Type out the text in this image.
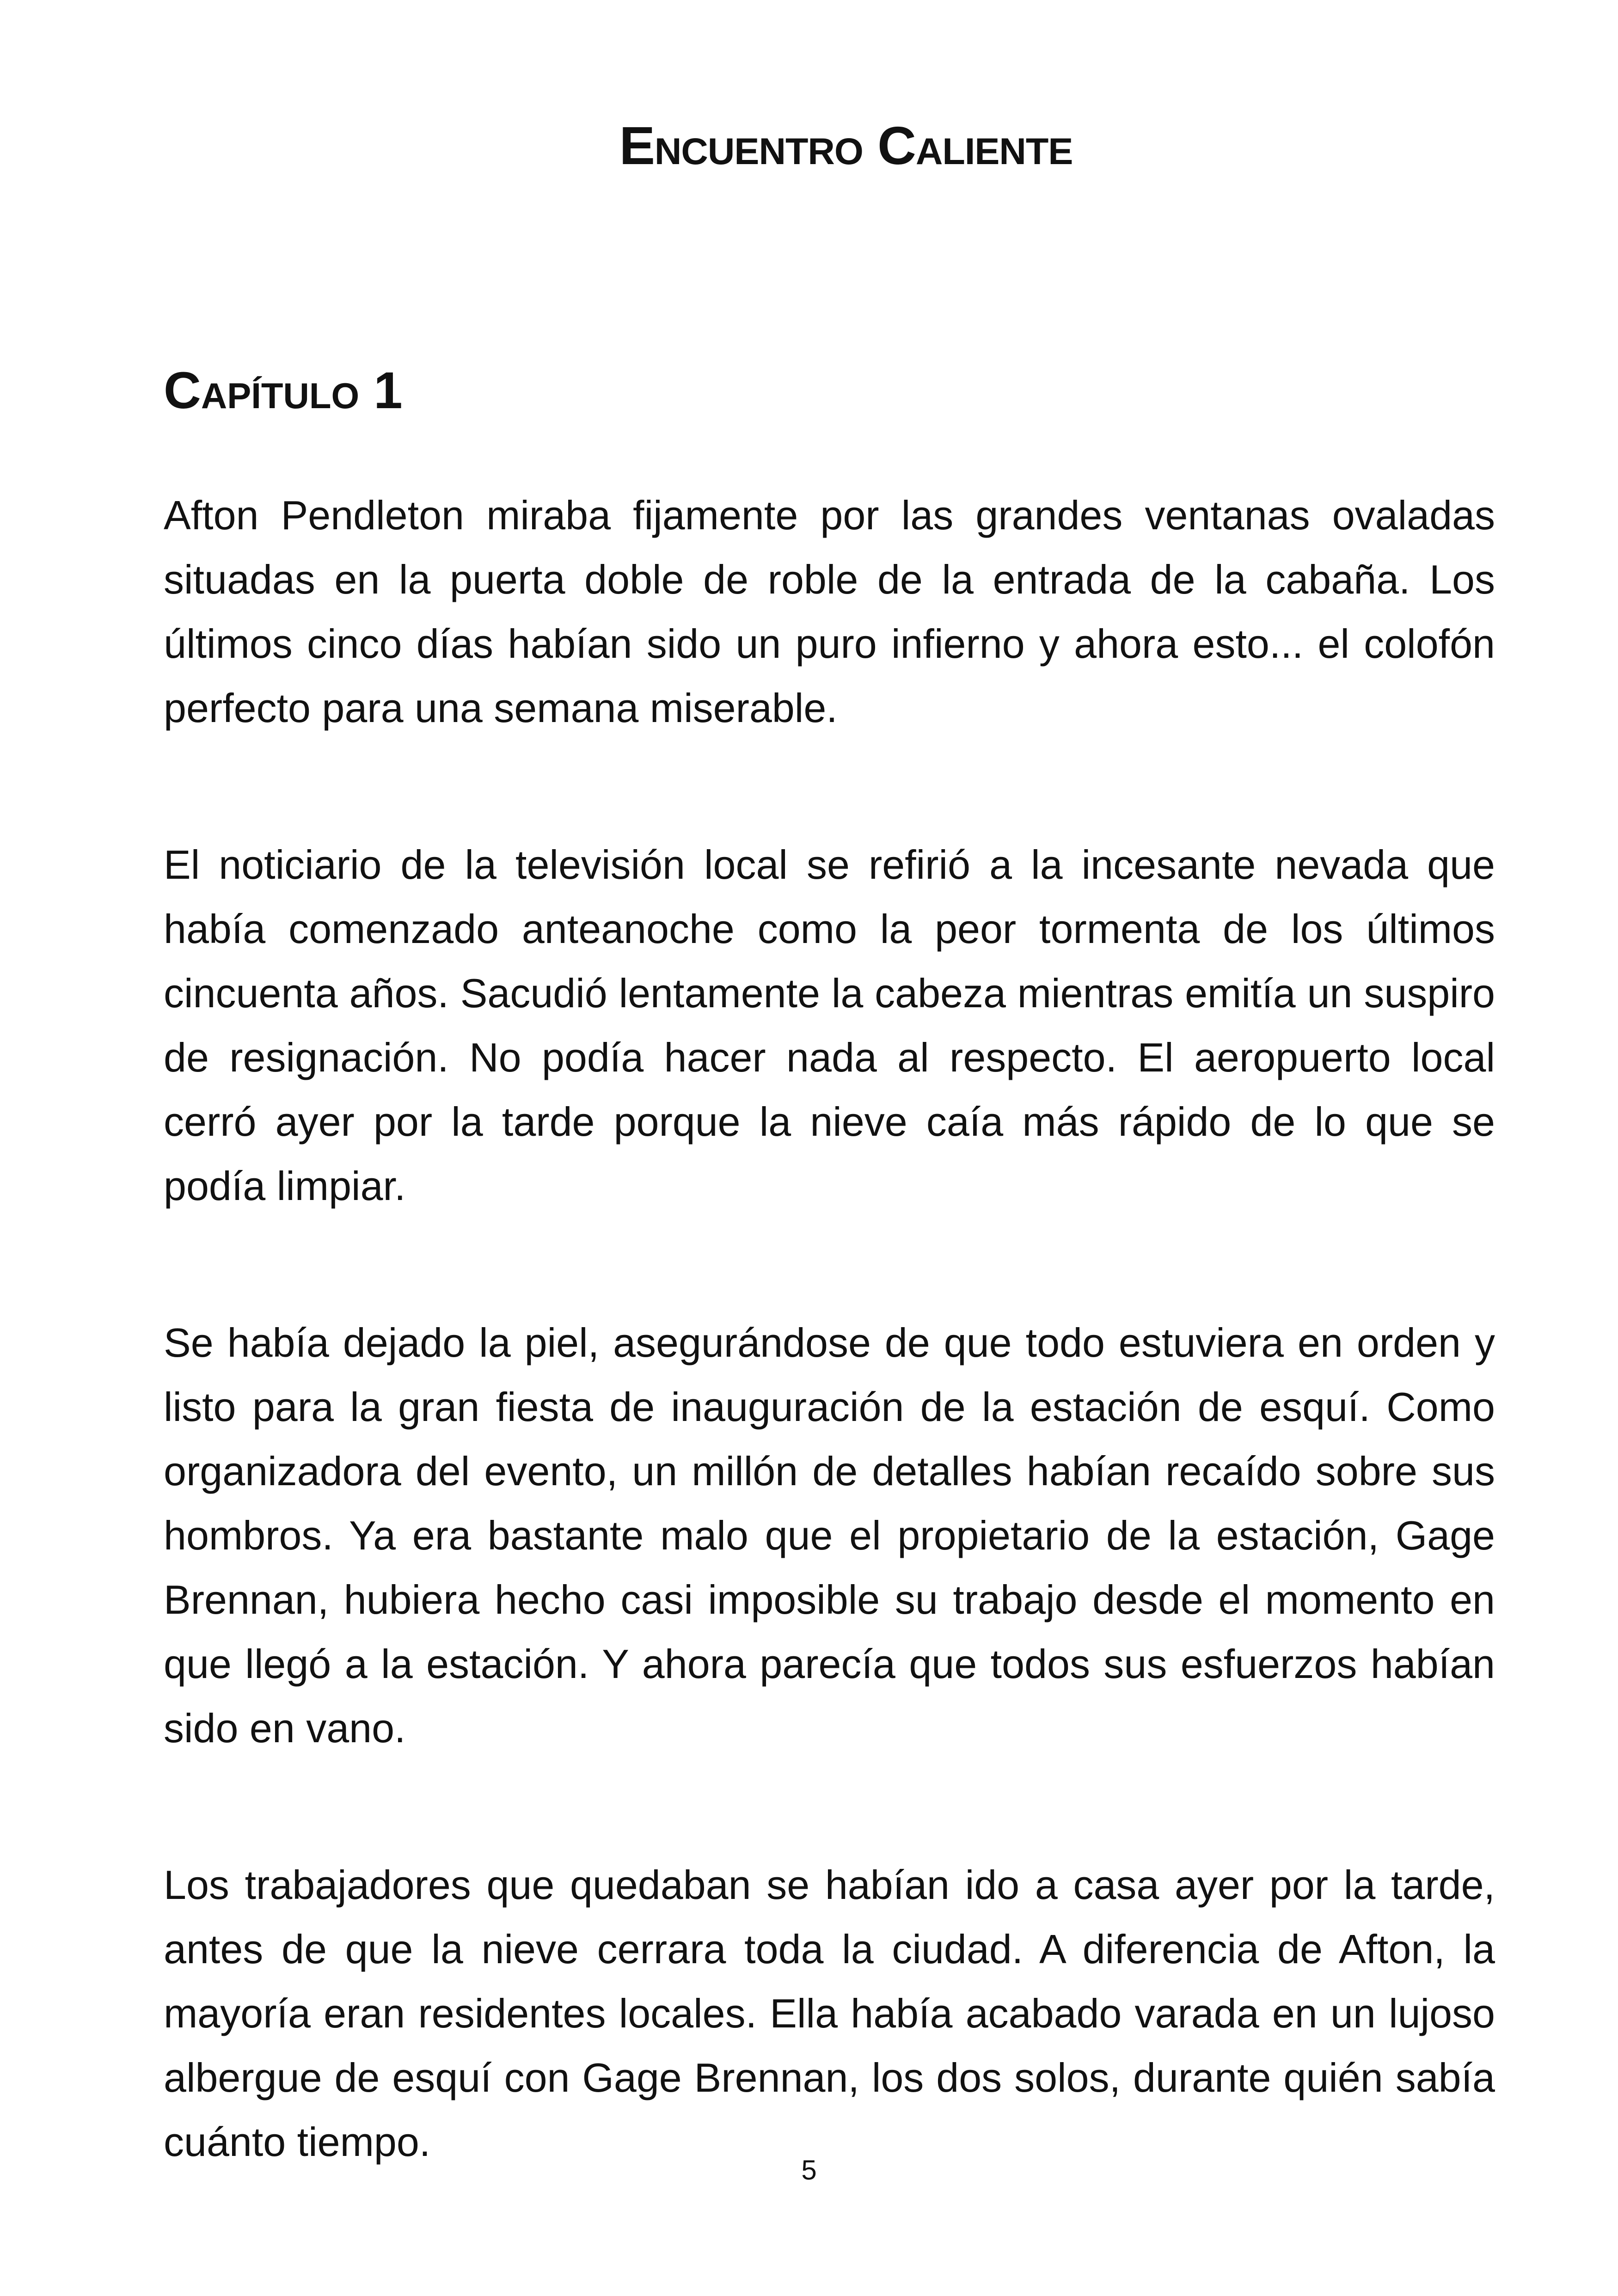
Encuentro Caliente
Capítulo 1

Afton Pendleton miraba fijamente por las grandes ventanas ovaladas situadas en la puerta doble de roble de la entrada de la cabaña. Los últimos cinco días habían sido un puro infierno y ahora esto... el colofón perfecto para una semana miserable.

El noticiario de la televisión local se refirió a la incesante nevada que había comenzado anteanoche como la peor tormenta de los últimos cincuenta años. Sacudió lentamente la cabeza mientras emitía un suspiro de resignación. No podía hacer nada al respecto. El aeropuerto local cerró ayer por la tarde porque la nieve caía más rápido de lo que se podía limpiar.

Se había dejado la piel, asegurándose de que todo estuviera en orden y listo para la gran fiesta de inauguración de la estación de esquí. Como organizadora del evento, un millón de detalles habían recaído sobre sus hombros. Ya era bastante malo que el propietario de la estación, Gage Brennan, hubiera hecho casi imposible su trabajo desde el momento en que llegó a la estación. Y ahora parecía que todos sus esfuerzos habían sido en vano.

Los trabajadores que quedaban se habían ido a casa ayer por la tarde, antes de que la nieve cerrara toda la ciudad. A diferencia de Afton, la mayoría eran residentes locales. Ella había acabado varada en un lujoso albergue de esquí con Gage Brennan, los dos solos, durante quién sabía cuánto tiempo.

5
